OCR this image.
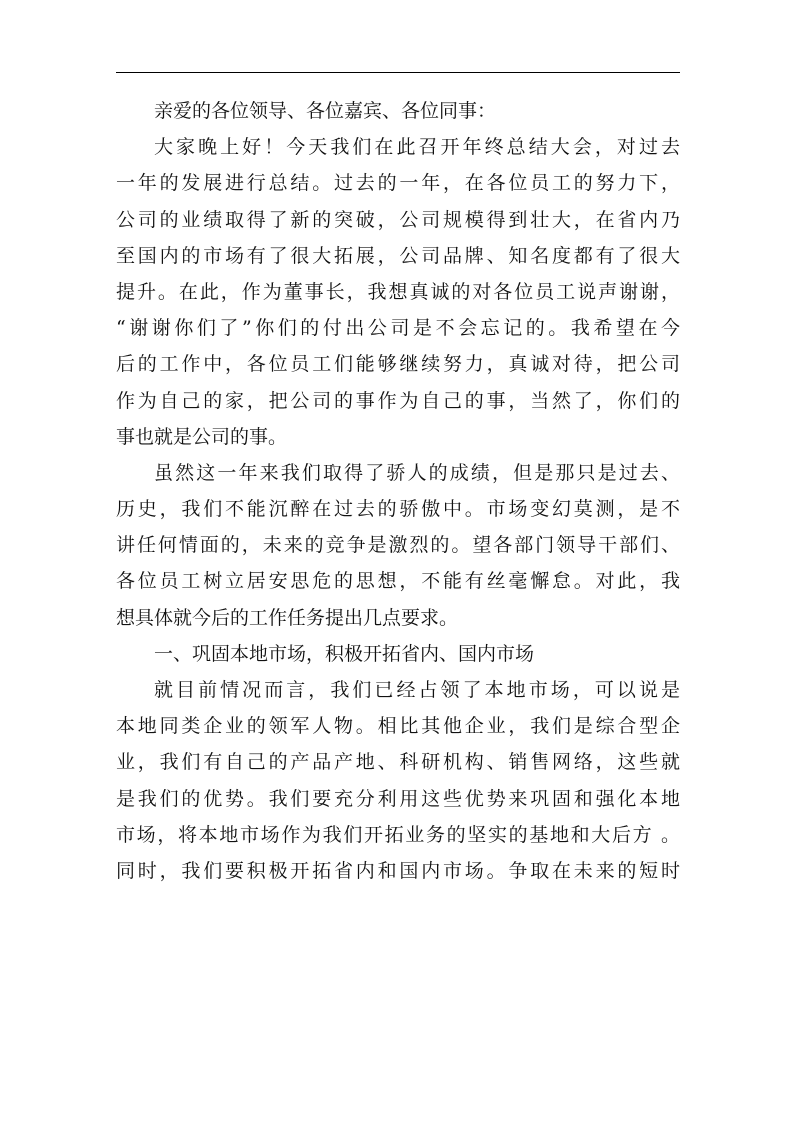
亲爱的各位领导、各位嘉宾、各位同事：
大家晚上好！今天我们在此召开年终总结大会，对过去
一年的发展进行总结。过去的一年，在各位员工的努力下，
公司的业绩取得了新的突破，公司规模得到壮大，在省内乃
至国内的市场有了很大拓展，公司品牌、知名度都有了很大
提升。在此，作为董事长，我想真诚的对各位员工说声谢谢，
“谢谢你们了”你们的付出公司是不会忘记的。我希望在今
后的工作中，各位员工们能够继续努力，真诚对待，把公司
作为自己的家，把公司的事作为自己的事，当然了，你们的
事也就是公司的事。
虽然这一年来我们取得了骄人的成绩，但是那只是过去、
历史，我们不能沉醉在过去的骄傲中。市场变幻莫测，是不
讲任何情面的，未来的竞争是激烈的。望各部门领导干部们、
各位员工树立居安思危的思想，不能有丝毫懈怠。对此，我
想具体就今后的工作任务提出几点要求。
一、巩固本地市场，积极开拓省内、国内市场
就目前情况而言，我们已经占领了本地市场，可以说是
本地同类企业的领军人物。相比其他企业，我们是综合型企
业，我们有自己的产品产地、科研机构、销售网络，这些就
是我们的优势。我们要充分利用这些优势来巩固和强化本地
市场，将本地市场作为我们开拓业务的坚实的基地和大后方 。
同时，我们要积极开拓省内和国内市场。争取在未来的短时
